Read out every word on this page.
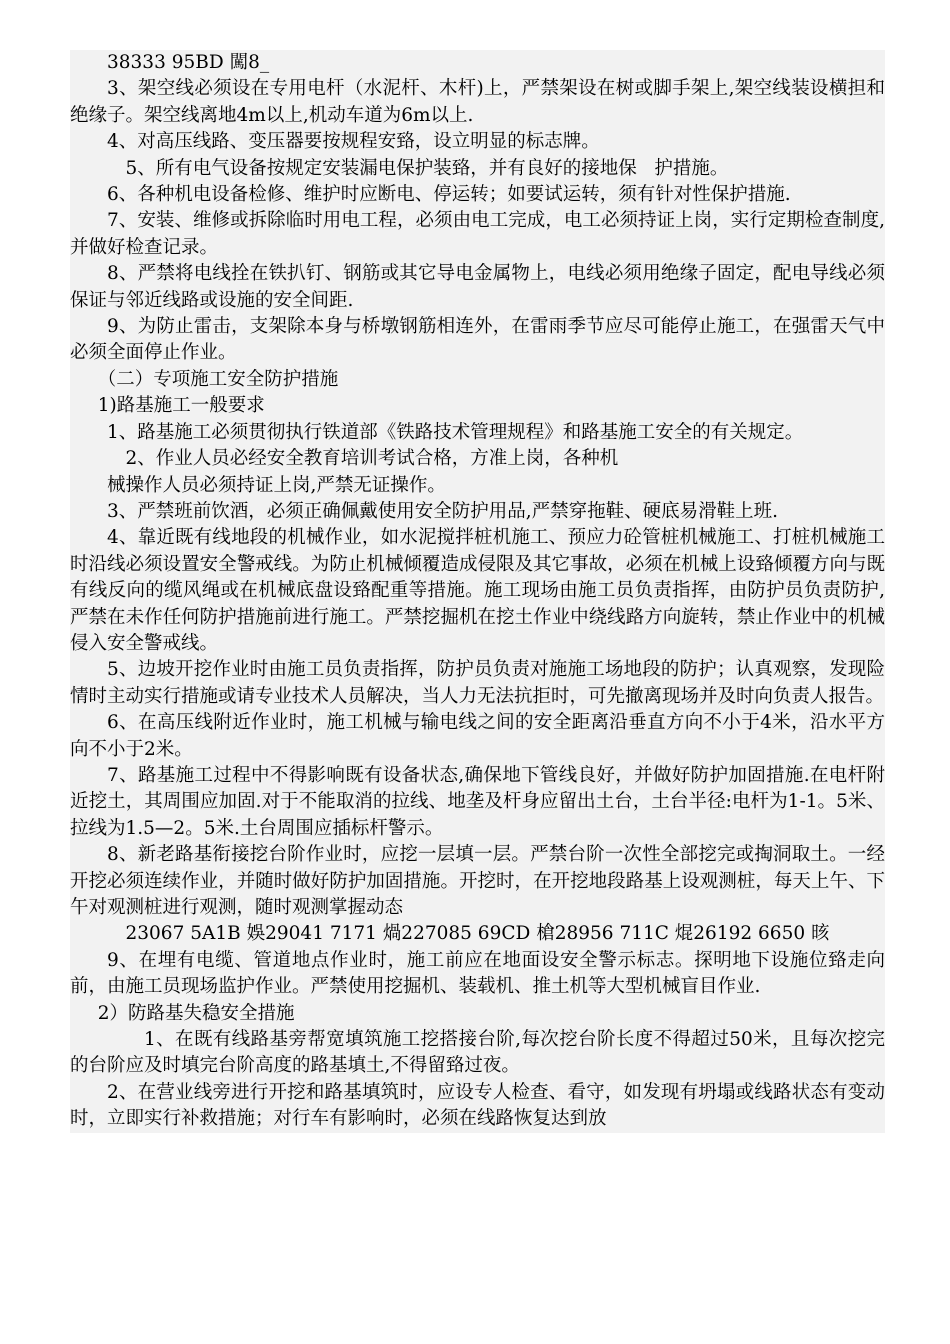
38333 95BD 闖8_

3、架空线必须设在专用电杆（水泥杆、木杆)上，严禁架设在树或脚手架上,架空线装设横担和绝缘子。架空线离地4m以上,机动车道为6m以上.

4、对高压线路、变压器要按规程安臵，设立明显的标志牌。

5、所有电气设备按规定安装漏电保护装臵，并有良好的接地保   护措施。

6、各种机电设备检修、维护时应断电、停运转；如要试运转，须有针对性保护措施.

7、安装、维修或拆除临时用电工程，必须由电工完成，电工必须持证上岗，实行定期检查制度,并做好检查记录。

8、严禁将电线拴在铁扒钉、钢筋或其它导电金属物上，电线必须用绝缘子固定，配电导线必须保证与邻近线路或设施的安全间距.

9、为防止雷击，支架除本身与桥墩钢筋相连外，在雷雨季节应尽可能停止施工，在强雷天气中必须全面停止作业。

（二）专项施工安全防护措施

1)路基施工一般要求

1、路基施工必须贯彻执行铁道部《铁路技术管理规程》和路基施工安全的有关规定。

2、作业人员必经安全教育培训考试合格，方准上岗，各种机

械操作人员必须持证上岗,严禁无证操作。

3、严禁班前饮酒，必须正确佩戴使用安全防护用品,严禁穿拖鞋、硬底易滑鞋上班.

4、靠近既有线地段的机械作业，如水泥搅拌桩机施工、预应力砼管桩机械施工、打桩机械施工时沿线必须设置安全警戒线。为防止机械倾覆造成侵限及其它事故，必须在机械上设臵倾覆方向与既有线反向的缆风绳或在机械底盘设臵配重等措施。施工现场由施工员负责指挥，由防护员负责防护,严禁在未作任何防护措施前进行施工。严禁挖掘机在挖土作业中绕线路方向旋转，禁止作业中的机械侵入安全警戒线。

5、边坡开挖作业时由施工员负责指挥，防护员负责对施施工场地段的防护；认真观察，发现险情时主动实行措施或请专业技术人员解决，当人力无法抗拒时，可先撤离现场并及时向负责人报告。

6、在高压线附近作业时，施工机械与输电线之间的安全距离沿垂直方向不小于4米，沿水平方向不小于2米。

7、路基施工过程中不得影响既有设备状态,确保地下管线良好，并做好防护加固措施.在电杆附近挖土，其周围应加固.对于不能取消的拉线、地垄及杆身应留出土台，土台半径:电杆为1-1。5米、拉线为1.5—2。5米.土台周围应插标杆警示。

8、新老路基衔接挖台阶作业时，应挖一层填一层。严禁台阶一次性全部挖完或掏洞取土。一经开挖必须连续作业，并随时做好防护加固措施。开挖时，在开挖地段路基上设观测桩，每天上午、下午对观测桩进行观测，随时观测掌握动态

23067 5A1B 娛29041 7171 煱227085 69CD 槍28956 711C 焜26192 6650 晐

9、在埋有电缆、管道地点作业时，施工前应在地面设安全警示标志。探明地下设施位臵走向前，由施工员现场监护作业。严禁使用挖掘机、装载机、推土机等大型机械盲目作业.

2）防路基失稳安全措施

1、在既有线路基旁帮宽填筑施工挖搭接台阶,每次挖台阶长度不得超过50米，且每次挖完的台阶应及时填完台阶高度的路基填土,不得留臵过夜。

2、在营业线旁进行开挖和路基填筑时，应设专人检查、看守，如发现有坍塌或线路状态有变动时，立即实行补救措施；对行车有影响时，必须在线路恢复达到放
